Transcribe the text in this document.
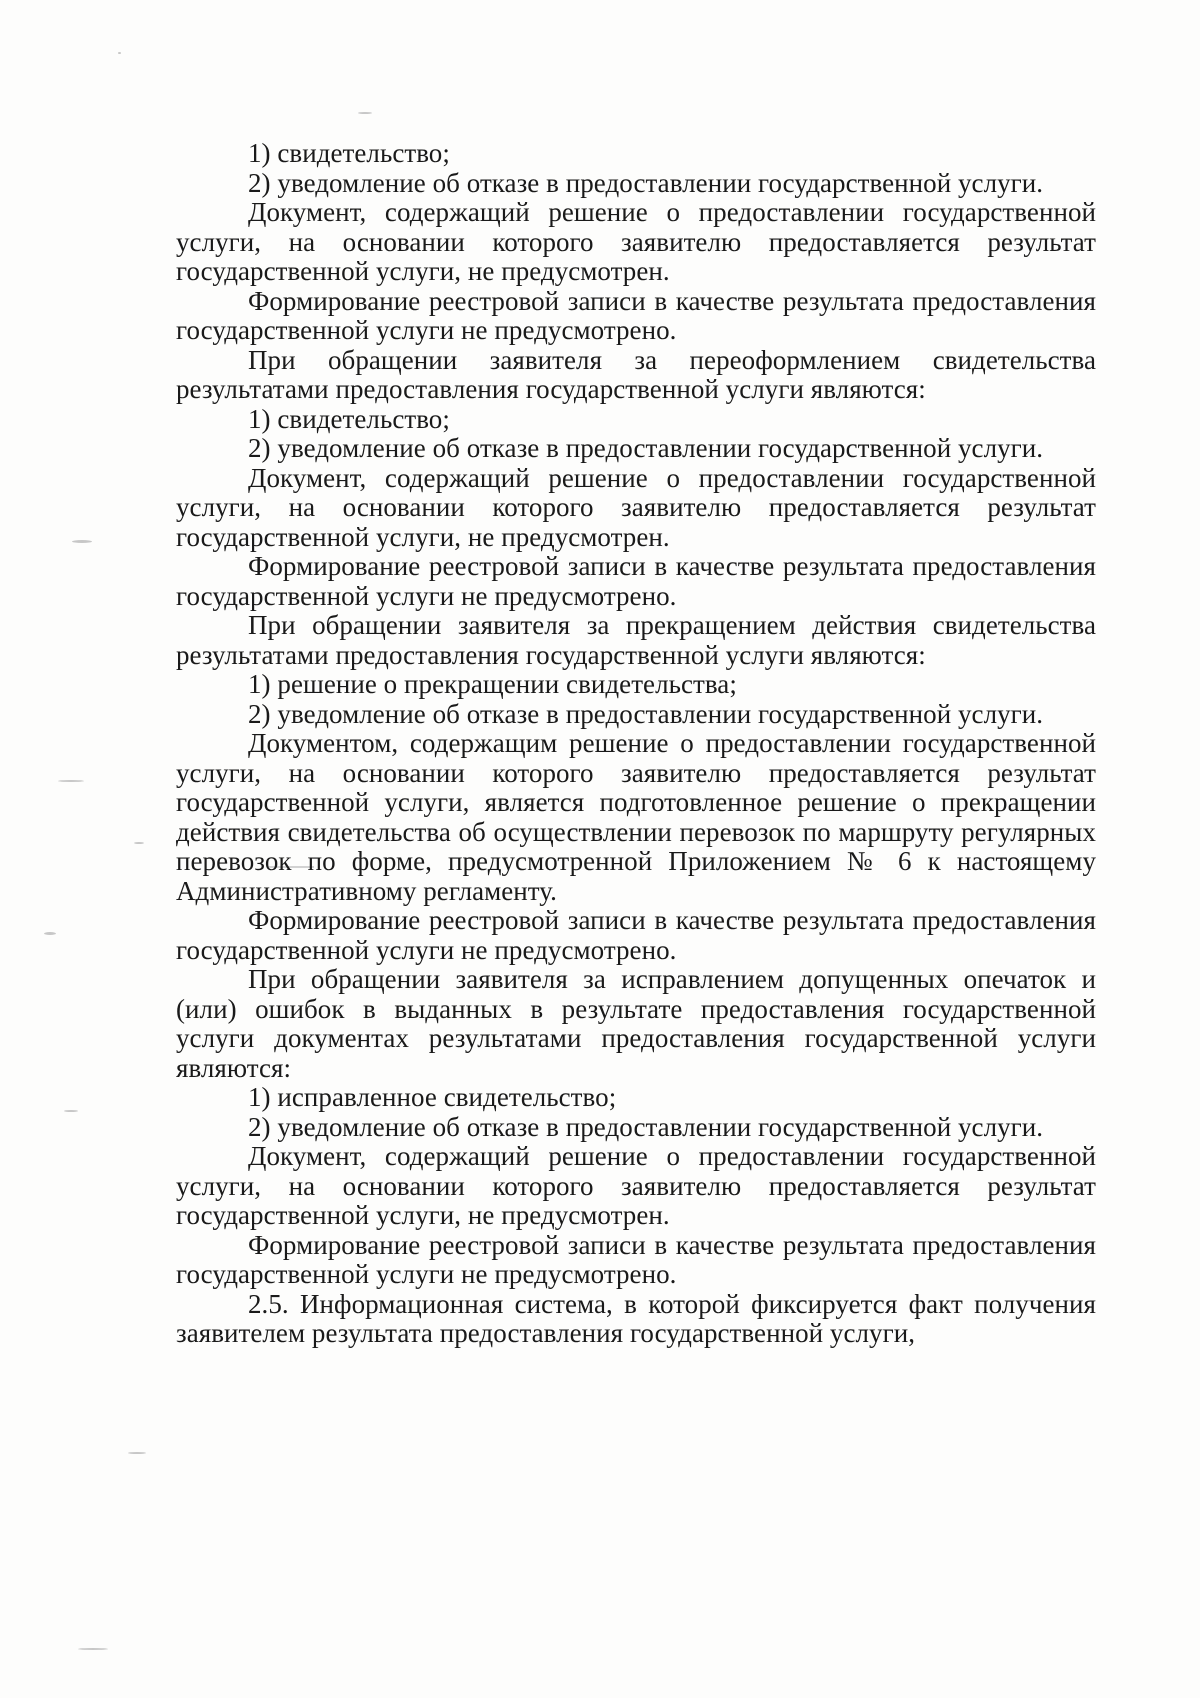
1) свидетельство;

2) уведомление об отказе в предоставлении государственной услуги.

Документ, содержащий решение о предоставлении государственной услуги, на основании которого заявителю предоставляется результат государственной услуги, не предусмотрен.

Формирование реестровой записи в качестве результата предоставления государственной услуги не предусмотрено.

При обращении заявителя за переоформлением свидетельства результатами предоставления государственной услуги являются:

1) свидетельство;

2) уведомление об отказе в предоставлении государственной услуги.

Документ, содержащий решение о предоставлении государственной услуги, на основании которого заявителю предоставляется результат государственной услуги, не предусмотрен.

Формирование реестровой записи в качестве результата предоставления государственной услуги не предусмотрено.

При обращении заявителя за прекращением действия свидетельства результатами предоставления государственной услуги являются:

1) решение о прекращении свидетельства;

2) уведомление об отказе в предоставлении государственной услуги.

Документом, содержащим решение о предоставлении государственной услуги, на основании которого заявителю предоставляется результат государственной услуги, является подготовленное решение о прекращении действия свидетельства об осуществлении перевозок по маршруту регулярных перевозок по форме, предусмотренной Приложением № 6 к настоящему Административному регламенту.

Формирование реестровой записи в качестве результата предоставления государственной услуги не предусмотрено.

При обращении заявителя за исправлением допущенных опечаток и (или) ошибок в выданных в результате предоставления государственной услуги документах результатами предоставления государственной услуги являются:

1) исправленное свидетельство;

2) уведомление об отказе в предоставлении государственной услуги.

Документ, содержащий решение о предоставлении государственной услуги, на основании которого заявителю предоставляется результат государственной услуги, не предусмотрен.

Формирование реестровой записи в качестве результата предоставления государственной услуги не предусмотрено.

2.5. Информационная система, в которой фиксируется факт получения заявителем результата предоставления государственной услуги,
